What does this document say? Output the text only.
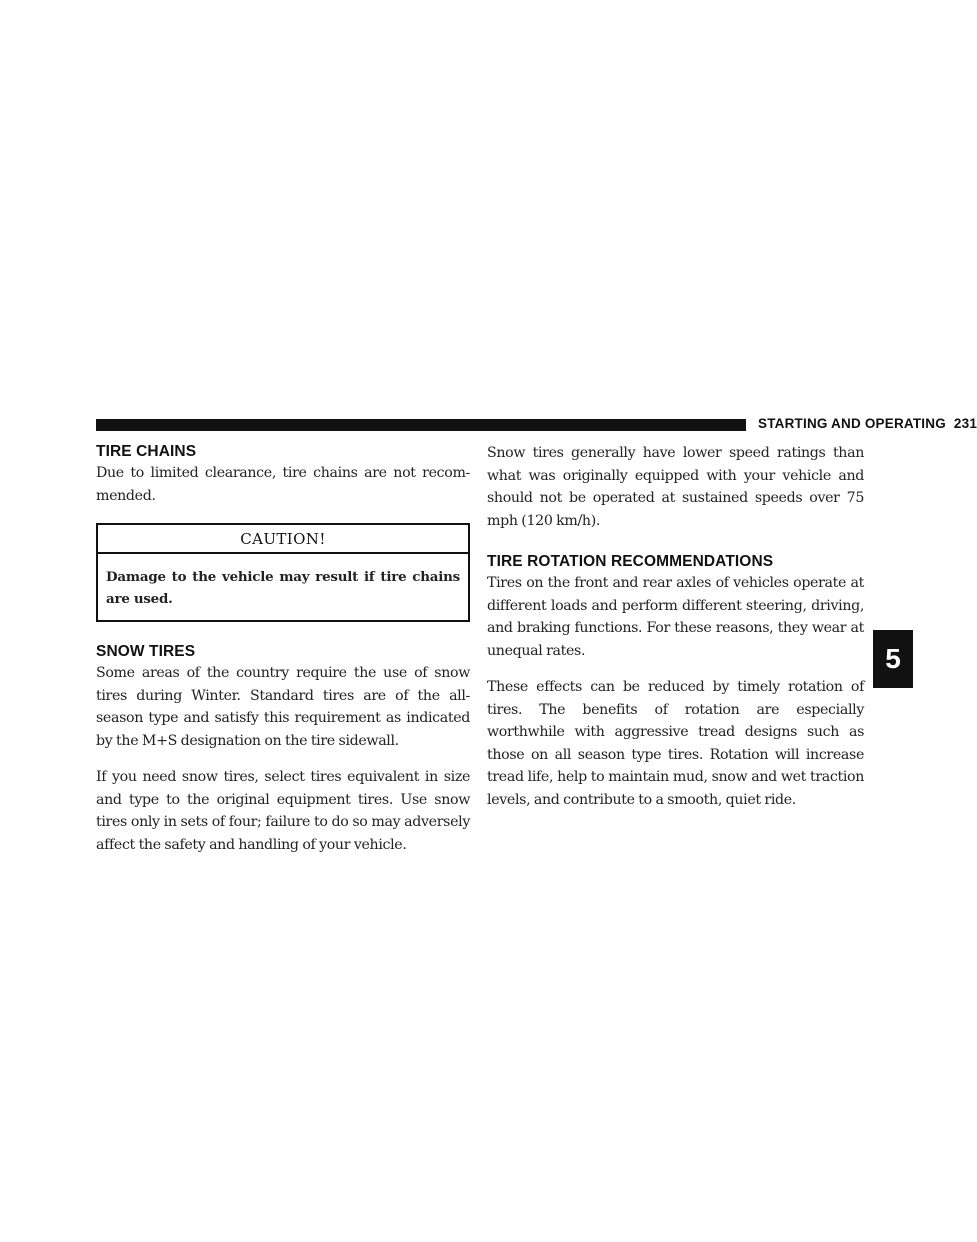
STARTING AND OPERATING 231
TIRE CHAINS

Due to limited clearance, tire chains are not recom- mended.

CAUTION!
Damage to the vehicle may result if tire chains are used.
SNOW TIRES

Some areas of the country require the use of snow tires during Winter. Standard tires are of the all-season type and satisfy this requirement as indicated by the M+S designation on the tire sidewall.

If you need snow tires, select tires equivalent in size and type to the original equipment tires. Use snow tires only in sets of four; failure to do so may adversely affect the safety and handling of your vehicle.

Snow tires generally have lower speed ratings than what was originally equipped with your vehicle and should not be operated at sustained speeds over 75 mph (120 km/h).

TIRE ROTATION RECOMMENDATIONS

Tires on the front and rear axles of vehicles operate at different loads and perform different steering, driving, and braking functions. For these reasons, they wear at unequal rates.

These effects can be reduced by timely rotation of tires. The benefits of rotation are especially worthwhile with aggressive tread designs such as those on all season type tires. Rotation will increase tread life, help to maintain mud, snow and wet traction levels, and contribute to a smooth, quiet ride.

5
